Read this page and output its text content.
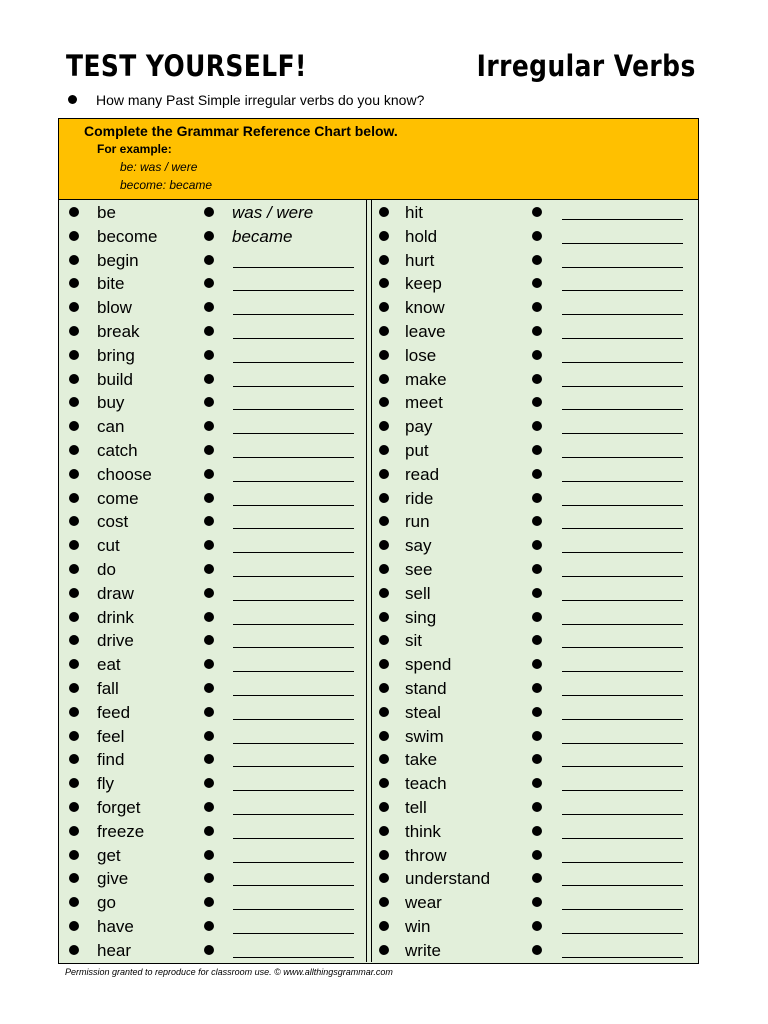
TEST YOURSELF!	Irregular Verbs
How many Past Simple irregular verbs do you know?
Complete the Grammar Reference Chart below.
For example:
be: was / were
become: became
be	was / were
become	became
begin
bite
blow
break
bring
build
buy
can
catch
choose
come
cost
cut
do
draw
drink
drive
eat
fall
feed
feel
find
fly
forget
freeze
get
give
go
have
hear
hit
hold
hurt
keep
know
leave
lose
make
meet
pay
put
read
ride
run
say
see
sell
sing
sit
spend
stand
steal
swim
take
teach
tell
think
throw
understand
wear
win
write
Permission granted to reproduce for classroom use. © www.allthingsgrammar.com
